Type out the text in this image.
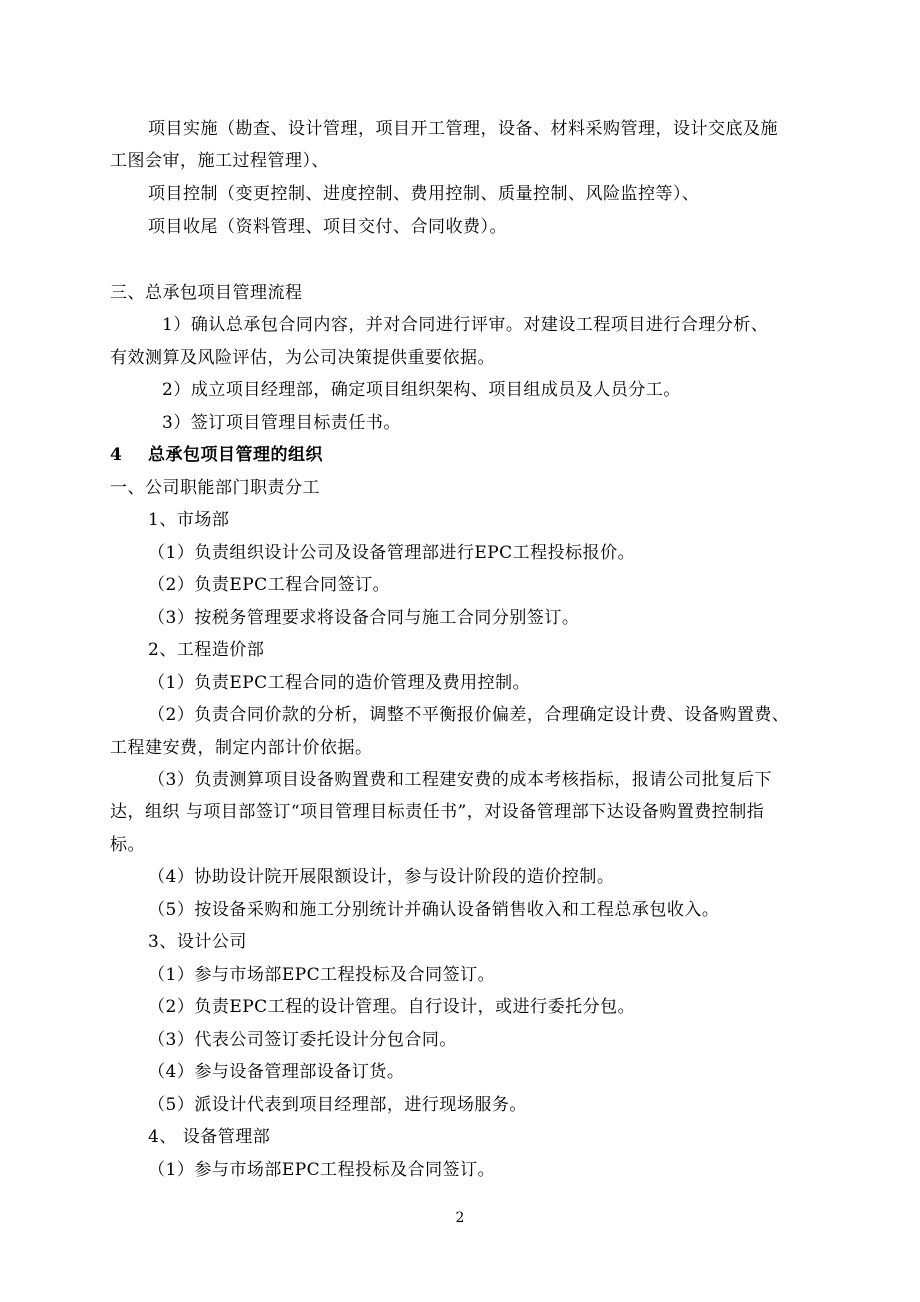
项目实施（勘查、设计管理，项目开工管理，设备、材料采购管理，设计交底及施
工图会审，施工过程管理）、
项目控制（变更控制、进度控制、费用控制、质量控制、风险监控等）、
项目收尾（资料管理、项目交付、合同收费）。
三、总承包项目管理流程
1）确认总承包合同内容，并对合同进行评审。对建设工程项目进行合理分析、
有效测算及风险评估，为公司决策提供重要依据。
2）成立项目经理部，确定项目组织架构、项目组成员及人员分工。
3）签订项目管理目标责任书。
4	总承包项目管理的组织
一、公司职能部门职责分工
1、市场部
（1）负责组织设计公司及设备管理部进行EPC工程投标报价。
（2）负责EPC工程合同签订。
（3）按税务管理要求将设备合同与施工合同分别签订。
2、工程造价部
（1）负责EPC工程合同的造价管理及费用控制。
（2）负责合同价款的分析，调整不平衡报价偏差，合理确定设计费、设备购置费、
工程建安费，制定内部计价依据。
（3）负责测算项目设备购置费和工程建安费的成本考核指标，报请公司批复后下
达，组织 与项目部签订“项目管理目标责任书”，对设备管理部下达设备购置费控制指
标。
（4）协助设计院开展限额设计，参与设计阶段的造价控制。
（5）按设备采购和施工分别统计并确认设备销售收入和工程总承包收入。
3、设计公司
（1）参与市场部EPC工程投标及合同签订。
（2）负责EPC工程的设计管理。自行设计，或进行委托分包。
（3）代表公司签订委托设计分包合同。
（4）参与设备管理部设备订货。
（5）派设计代表到项目经理部，进行现场服务。
4、 设备管理部
（1）参与市场部EPC工程投标及合同签订。
2
